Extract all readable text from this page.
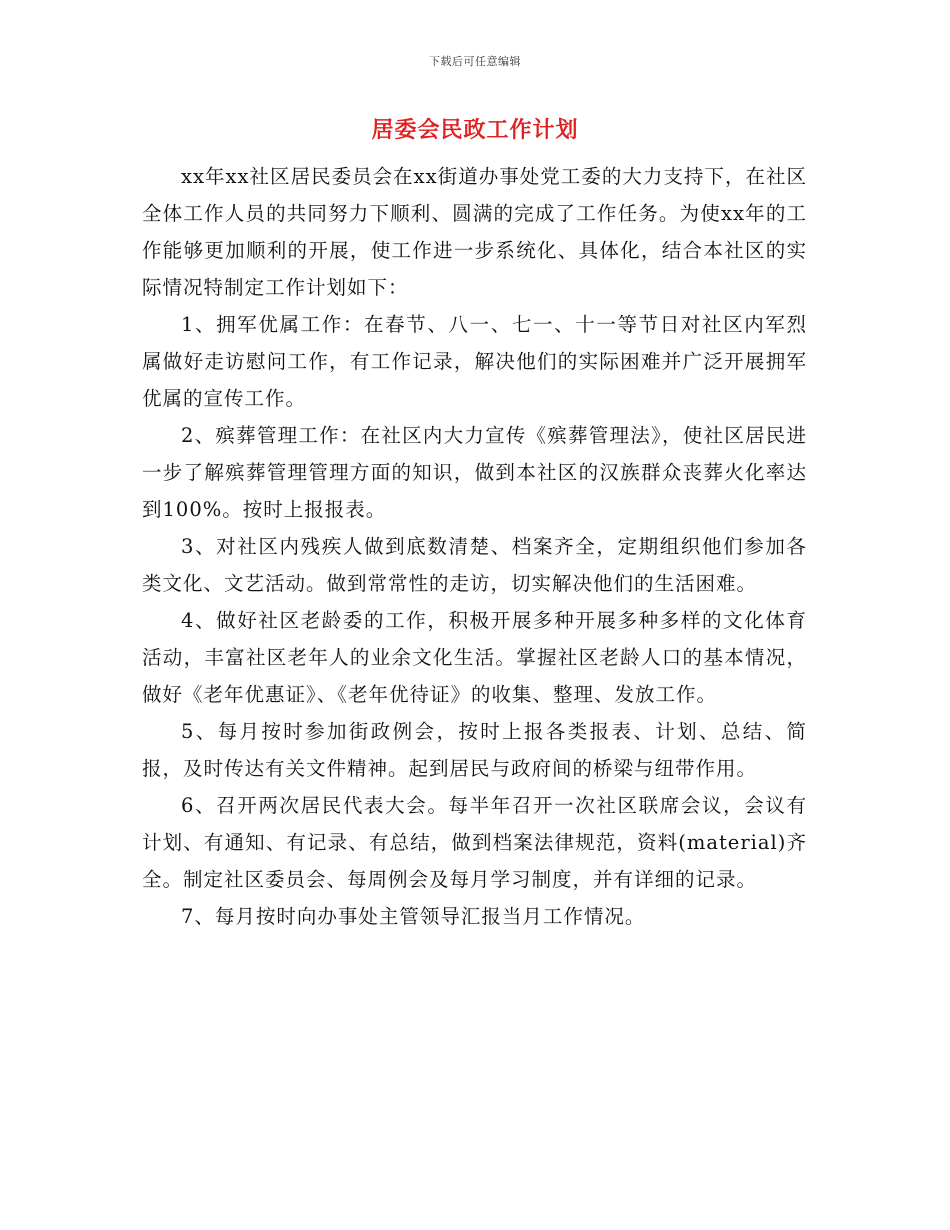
下载后可任意编辑
居委会民政工作计划

xx年xx社区居民委员会在xx街道办事处党工委的大力支持下，在社区全体工作人员的共同努力下顺利、圆满的完成了工作任务。为使xx年的工作能够更加顺利的开展，使工作进一步系统化、具体化，结合本社区的实际情况特制定工作计划如下：

1、拥军优属工作：在春节、八一、七一、十一等节日对社区内军烈属做好走访慰问工作，有工作记录，解决他们的实际困难并广泛开展拥军优属的宣传工作。

2、殡葬管理工作：在社区内大力宣传《殡葬管理法》，使社区居民进一步了解殡葬管理管理方面的知识，做到本社区的汉族群众丧葬火化率达到100%。按时上报报表。

3、对社区内残疾人做到底数清楚、档案齐全，定期组织他们参加各类文化、文艺活动。做到常常性的走访，切实解决他们的生活困难。

4、做好社区老龄委的工作，积极开展多种开展多种多样的文化体育活动，丰富社区老年人的业余文化生活。掌握社区老龄人口的基本情况，做好《老年优惠证》、《老年优待证》的收集、整理、发放工作。

5、每月按时参加街政例会，按时上报各类报表、计划、总结、简报，及时传达有关文件精神。起到居民与政府间的桥梁与纽带作用。

6、召开两次居民代表大会。每半年召开一次社区联席会议，会议有计划、有通知、有记录、有总结，做到档案法律规范，资料(material)齐全。制定社区委员会、每周例会及每月学习制度，并有详细的记录。

7、每月按时向办事处主管领导汇报当月工作情况。
